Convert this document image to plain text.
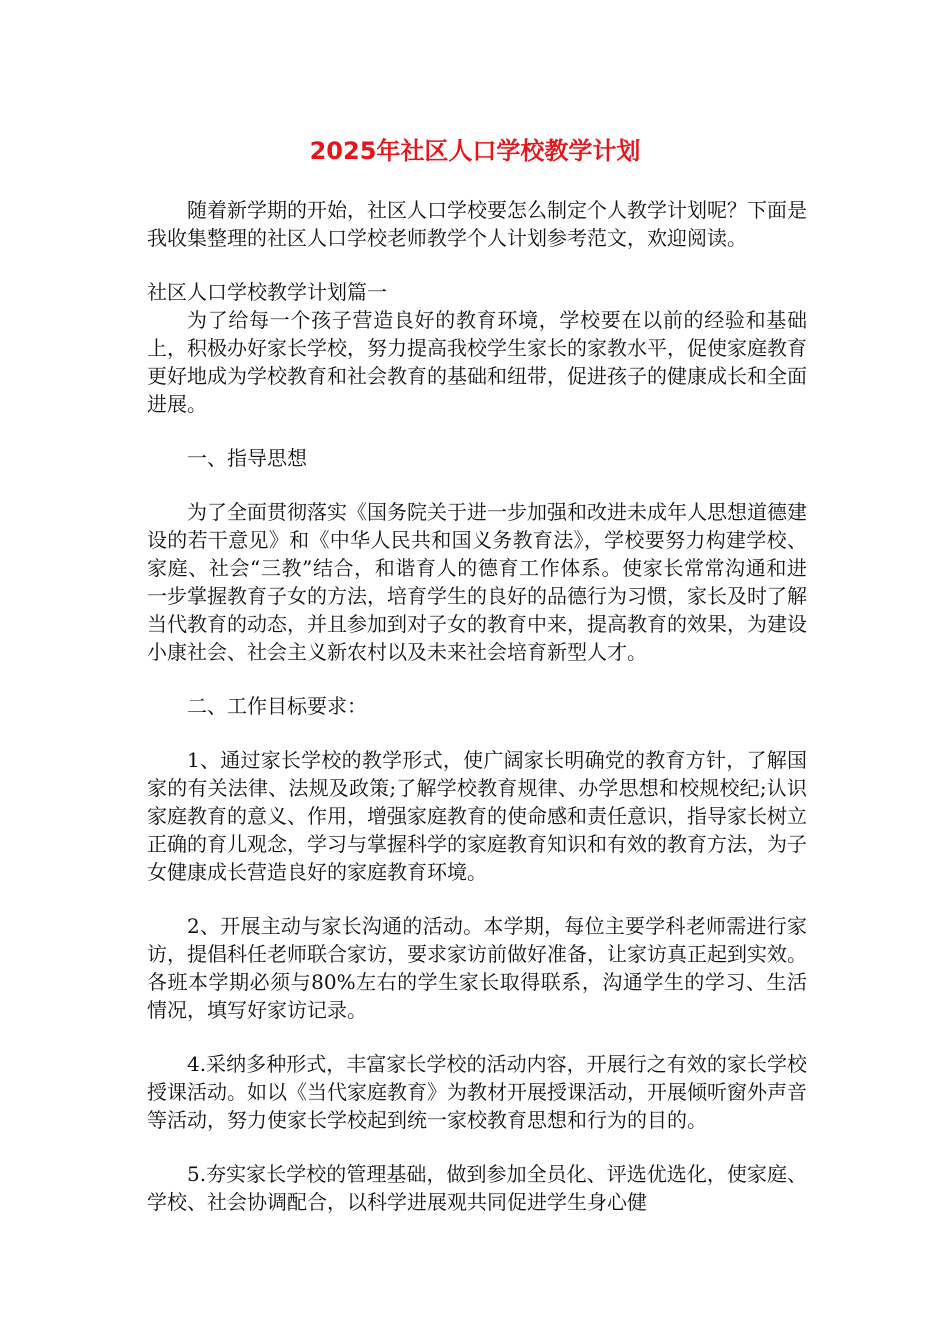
2025年社区人口学校教学计划

随着新学期的开始，社区人口学校要怎么制定个人教学计划呢？下面是我收集整理的社区人口学校老师教学个人计划参考范文，欢迎阅读。

社区人口学校教学计划篇一

为了给每一个孩子营造良好的教育环境，学校要在以前的经验和基础上，积极办好家长学校，努力提高我校学生家长的家教水平，促使家庭教育更好地成为学校教育和社会教育的基础和纽带，促进孩子的健康成长和全面进展。

一、指导思想

为了全面贯彻落实《国务院关于进一步加强和改进未成年人思想道德建设的若干意见》和《中华人民共和国义务教育法》，学校要努力构建学校、家庭、社会“三教”结合，和谐育人的德育工作体系。使家长常常沟通和进一步掌握教育子女的方法，培育学生的良好的品德行为习惯，家长及时了解当代教育的动态，并且参加到对子女的教育中来，提高教育的效果，为建设小康社会、社会主义新农村以及未来社会培育新型人才。

二、工作目标要求：

1、通过家长学校的教学形式，使广阔家长明确党的教育方针，了解国家的有关法律、法规及政策;了解学校教育规律、办学思想和校规校纪;认识家庭教育的意义、作用，增强家庭教育的使命感和责任意识，指导家长树立正确的育儿观念，学习与掌握科学的家庭教育知识和有效的教育方法，为子女健康成长营造良好的家庭教育环境。

2、开展主动与家长沟通的活动。本学期，每位主要学科老师需进行家访，提倡科任老师联合家访，要求家访前做好准备，让家访真正起到实效。各班本学期必须与80%左右的学生家长取得联系，沟通学生的学习、生活情况，填写好家访记录。

4.采纳多种形式，丰富家长学校的活动内容，开展行之有效的家长学校授课活动。如以《当代家庭教育》为教材开展授课活动，开展倾听窗外声音等活动，努力使家长学校起到统一家校教育思想和行为的目的。

5.夯实家长学校的管理基础，做到参加全员化、评选优选化，使家庭、学校、社会协调配合，以科学进展观共同促进学生身心健
